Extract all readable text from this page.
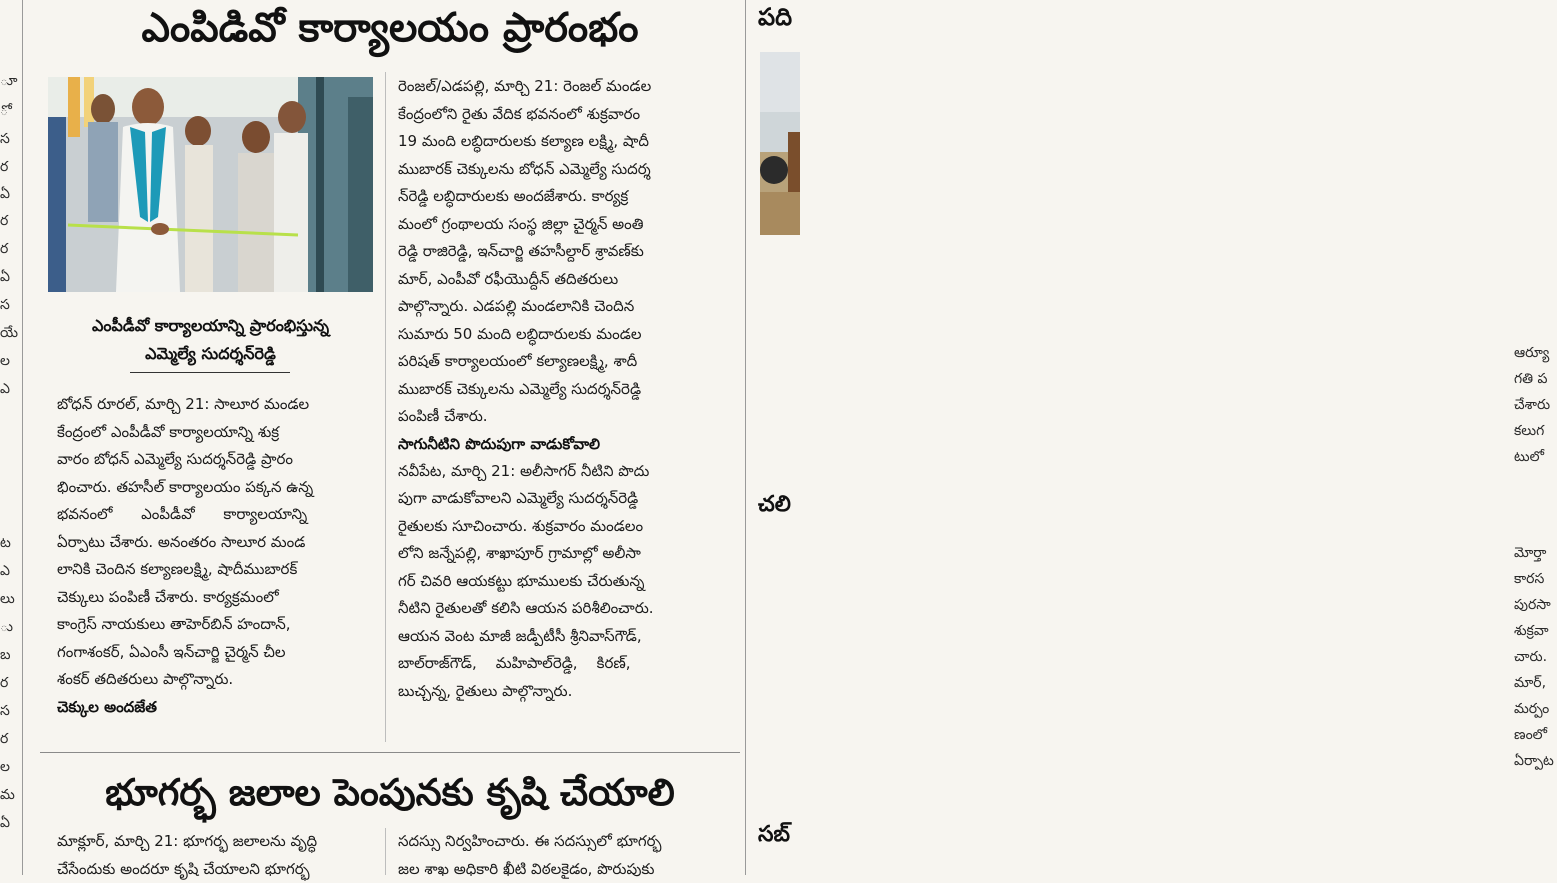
ూ
ో
స
ర
ఏ
ర
ర
ఏ
స
యే
ల
ఎ
ట
ఎ
లు
ు
బ
ర
స
ర
ల
మ
ఏ
ఎంపిడివో కార్యాలయం ప్రారంభం
ఎంపీడీవో కార్యాలయాన్ని ప్రారంభిస్తున్న
ఎమ్మెల్యే సుదర్శన్‌రెడ్డి
బోధన్ రూరల్, మార్చి 21: సాలూర మండల
కేంద్రంలో ఎంపీడీవో కార్యాలయాన్ని శుక్ర
వారం బోధన్ ఎమ్మెల్యే సుదర్శన్‌రెడ్డి ప్రారం
భించారు. తహసీల్ కార్యాలయం పక్కన ఉన్న
భవనంలో      ఎంపీడీవో      కార్యాలయాన్ని
ఏర్పాటు చేశారు. అనంతరం సాలూర మండ
లానికి చెందిన కల్యాణలక్ష్మి, షాదీముబారక్
చెక్కులు పంపిణీ చేశారు. కార్యక్రమంలో
కాంగ్రెస్ నాయకులు తాహెర్‌బిన్ హందాన్,
గంగాశంకర్, ఏఎంసీ ఇన్‌చార్జి చైర్మన్ చీల
శంకర్ తదితరులు పాల్గొన్నారు.
చెక్కుల అందజేత
రెంజల్/ఎడపల్లి, మార్చి 21: రెంజల్ మండల
కేంద్రంలోని రైతు వేదిక భవనంలో శుక్రవారం
19 మంది లబ్ధిదారులకు కల్యాణ లక్ష్మి, షాదీ
ముబారక్ చెక్కులను బోధన్ ఎమ్మెల్యే సుదర్శ
న్‌రెడ్డి లబ్ధిదారులకు అందజేశారు. కార్యక్ర
మంలో గ్రంథాలయ సంస్థ జిల్లా చైర్మన్ అంతి
రెడ్డి రాజిరెడ్డి, ఇన్‌చార్జి తహసీల్దార్ శ్రావణ్‌కు
మార్, ఎంపీవో రఫీయొద్దీన్ తదితరులు
పాల్గొన్నారు. ఎడపల్లి మండలానికి చెందిన
సుమారు 50 మంది లబ్ధిదారులకు మండల
పరిషత్ కార్యాలయంలో కల్యాణలక్ష్మి, శాదీ
ముబారక్ చెక్కులను ఎమ్మెల్యే సుదర్శన్‌రెడ్డి
పంపిణీ చేశారు.
సాగునీటిని పొదుపుగా వాడుకోవాలి
నవీపేట, మార్చి 21: అలీసాగర్ నీటిని పొదు
పుగా వాడుకోవాలని ఎమ్మెల్యే సుదర్శన్‌రెడ్డి
రైతులకు సూచించారు. శుక్రవారం మండలం
లోని జన్నేపల్లి, శాఖాపూర్ గ్రామాల్లో అలీసా
గర్ చివరి ఆయకట్టు భూములకు చేరుతున్న
నీటిని రైతులతో కలిసి ఆయన పరిశీలించారు.
ఆయన వెంట మాజీ జడ్పీటీసీ శ్రీనివాస్‌గౌడ్,
బాల్‌రాజ్‌గౌడ్,    మహిపాల్‌రెడ్డి,    కిరణ్,
బుచ్చన్న, రైతులు పాల్గొన్నారు.
పది
ఆర్యూ
గతి ప
చేశారు
కలుగ
టులో
చలి
మోర్తా
కారస
పురసా
శుక్రవా
చారు.
మార్,
మర్పం
ణంలో
ఏర్పాట
సబ్
భూగర్భ జలాల పెంపునకు కృషి చేయాలి
మాక్లూర్, మార్చి 21: భూగర్భ జలాలను వృద్ధి
చేసేందుకు అందరూ కృషి చేయాలని భూగర్భ
సదస్సు నిర్వహించారు. ఈ సదస్సులో భూగర్భ
జల శాఖ అధికారి ఖీటి విఠలకైడం, పొరుపుకు
